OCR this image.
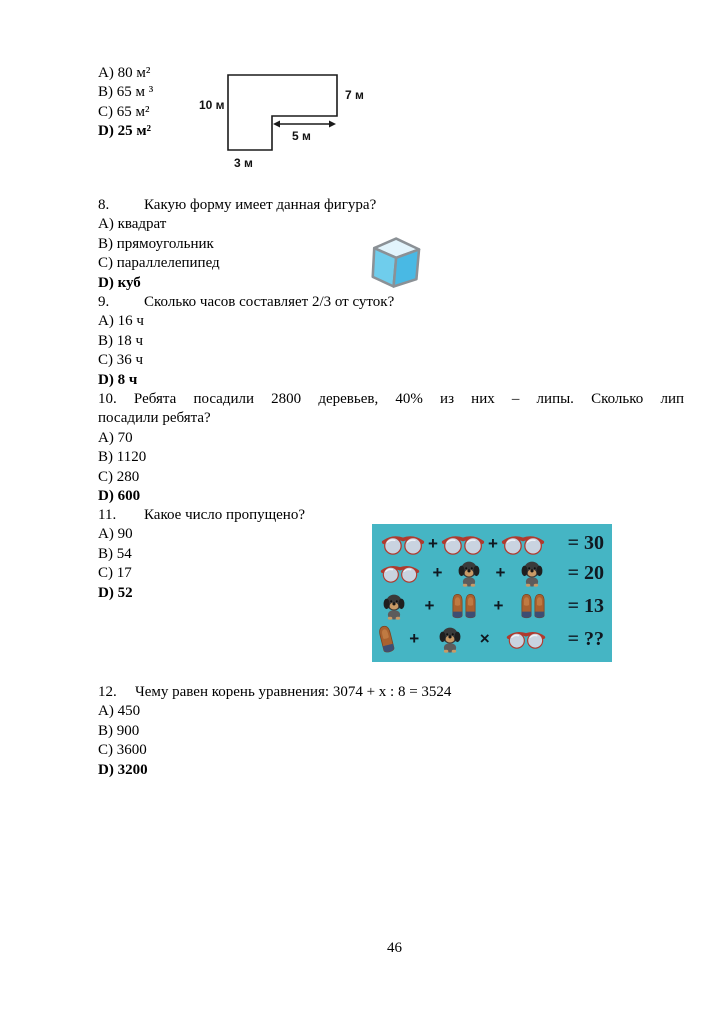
A) 80 м²
B) 65 м ³
C) 65 м²
D) 25 м²
10 м
7 м
5 м
3 м
8. Какую форму имеет данная фигура?
A) квадрат
B) прямоугольник
C) параллелепипед
D) куб
9. Сколько часов составляет 2/3 от суток?
A) 16 ч
B) 18 ч
C) 36 ч
D) 8 ч
10. Ребята посадили 2800 деревьев, 40% из них – липы. Сколько лип
посадили ребята?
A) 70
B) 1120
C) 280
D) 600
11. Какое число пропущено?
A) 90
B) 54
C) 17
D) 52
+	+	= 30
+	+	= 20
+	+	= 13
+	×	= ??
12. Чему равен корень уравнения: 3074 + x : 8 = 3524
A) 450
B) 900
C) 3600
D) 3200
46
